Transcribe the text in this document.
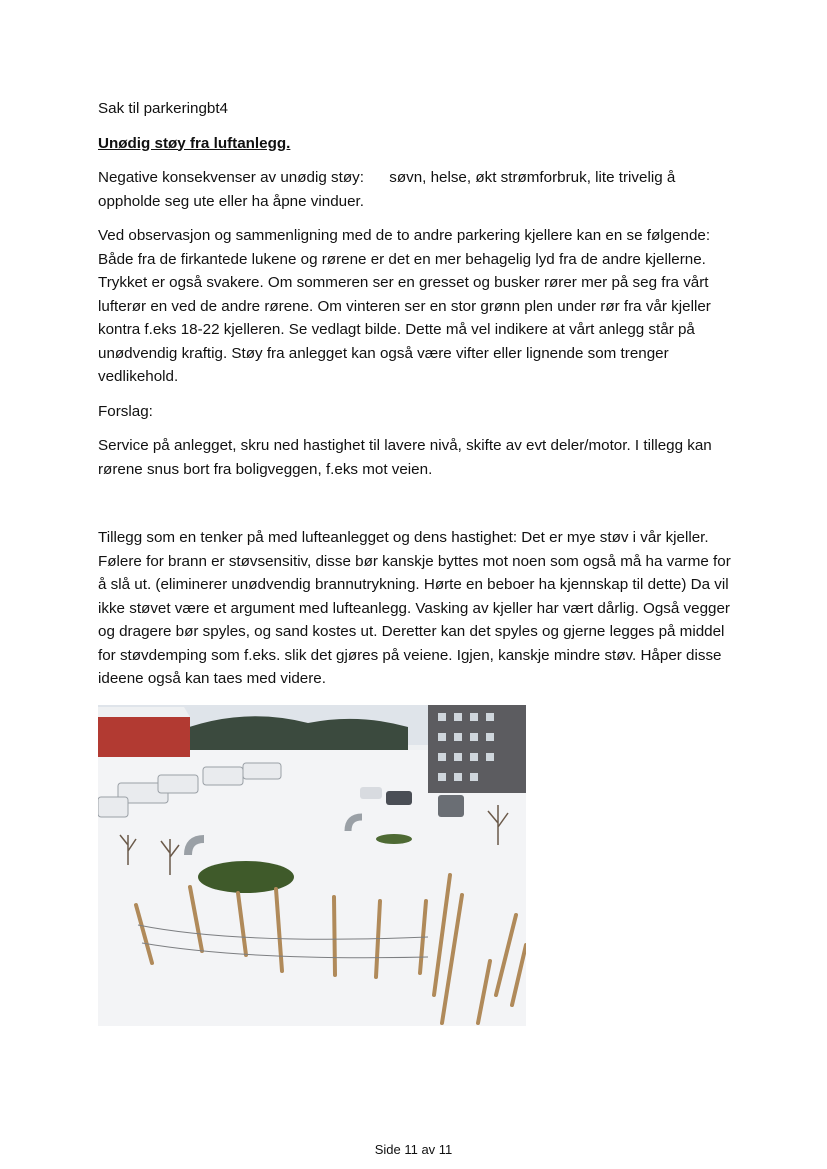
Sak til parkeringbt4

Unødig støy fra luftanlegg.

Negative konsekvenser av unødig støy:      søvn, helse, økt strømforbruk, lite trivelig å oppholde seg ute eller ha åpne vinduer.

Ved observasjon og sammenligning med de to andre parkering kjellere kan en se følgende: Både fra de firkantede lukene og rørene er det en mer behagelig lyd fra de andre kjellerne. Trykket er også svakere. Om sommeren ser en gresset og busker rører mer på seg fra vårt lufterør en ved de andre rørene. Om vinteren ser en stor grønn plen under rør fra vår kjeller kontra f.eks 18-22 kjelleren. Se vedlagt bilde. Dette må vel indikere at vårt anlegg står på unødvendig kraftig. Støy fra anlegget kan også være vifter eller lignende som trenger vedlikehold.

Forslag:

Service på anlegget, skru ned hastighet til lavere nivå, skifte av evt deler/motor. I tillegg kan rørene snus bort fra boligveggen, f.eks mot veien.

Tillegg som en tenker på med lufteanlegget og dens hastighet: Det er mye støv i vår kjeller. Følere for brann er støvsensitiv, disse bør kanskje byttes mot noen som også må ha varme for å slå ut. (eliminerer unødvendig brannutrykning. Hørte en beboer ha kjennskap til dette) Da vil ikke støvet være et argument med lufteanlegg. Vasking av kjeller har vært dårlig. Også vegger og dragere bør spyles, og sand kostes ut. Deretter kan det spyles og gjerne legges på middel for støvdemping som f.eks. slik det gjøres på veiene. Igjen, kanskje mindre støv. Håper disse ideene også kan taes med videre.

Side 11 av 11
